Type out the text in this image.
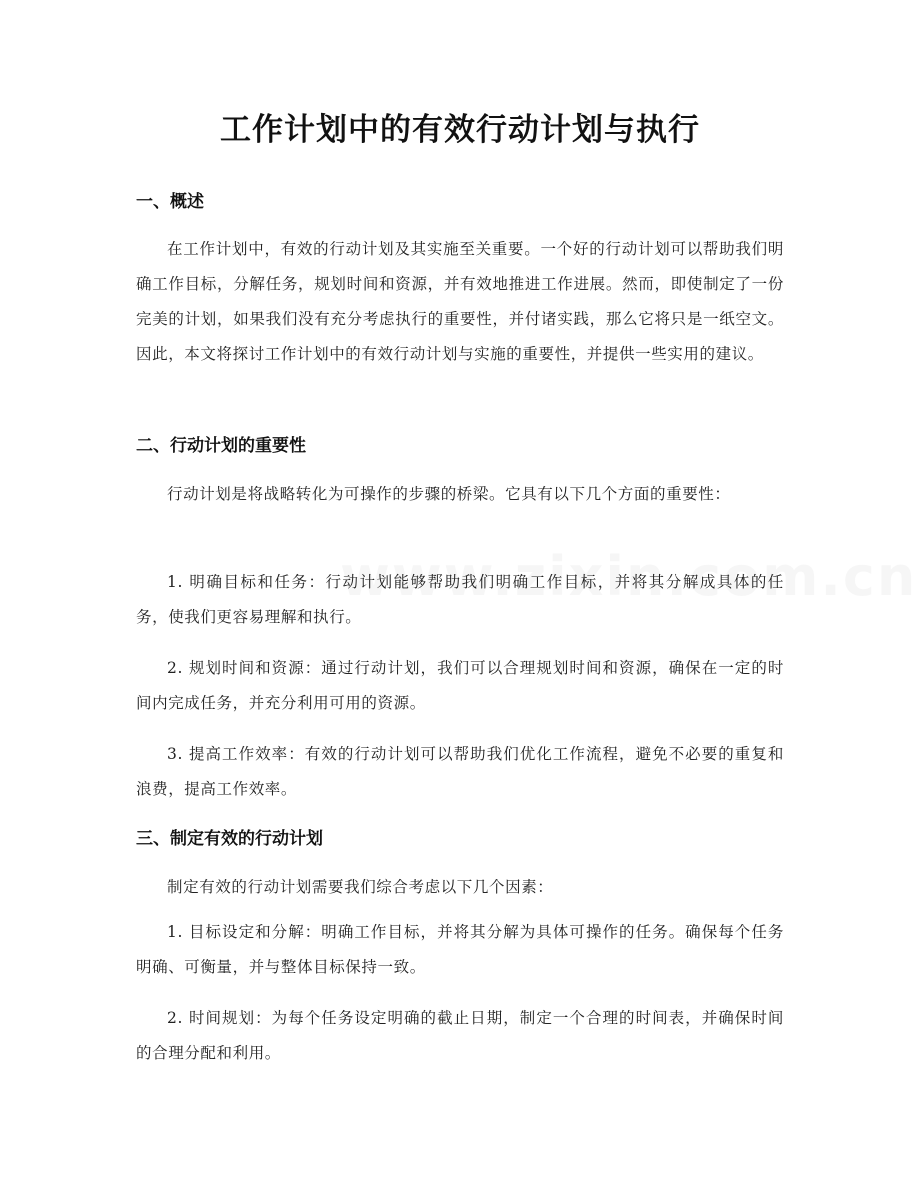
工作计划中的有效行动计划与执行
一、概述

在工作计划中，有效的行动计划及其实施至关重要。一个好的行动计划可以帮助我们明确工作目标，分解任务，规划时间和资源，并有效地推进工作进展。然而，即使制定了一份完美的计划，如果我们没有充分考虑执行的重要性，并付诸实践，那么它将只是一纸空文。因此，本文将探讨工作计划中的有效行动计划与实施的重要性，并提供一些实用的建议。

二、行动计划的重要性

行动计划是将战略转化为可操作的步骤的桥梁。它具有以下几个方面的重要性：

1. 明确目标和任务：行动计划能够帮助我们明确工作目标，并将其分解成具体的任务，使我们更容易理解和执行。

2. 规划时间和资源：通过行动计划，我们可以合理规划时间和资源，确保在一定的时间内完成任务，并充分利用可用的资源。

3. 提高工作效率：有效的行动计划可以帮助我们优化工作流程，避免不必要的重复和浪费，提高工作效率。

三、制定有效的行动计划

制定有效的行动计划需要我们综合考虑以下几个因素：

1. 目标设定和分解：明确工作目标，并将其分解为具体可操作的任务。确保每个任务明确、可衡量，并与整体目标保持一致。

2. 时间规划：为每个任务设定明确的截止日期，制定一个合理的时间表，并确保时间的合理分配和利用。
